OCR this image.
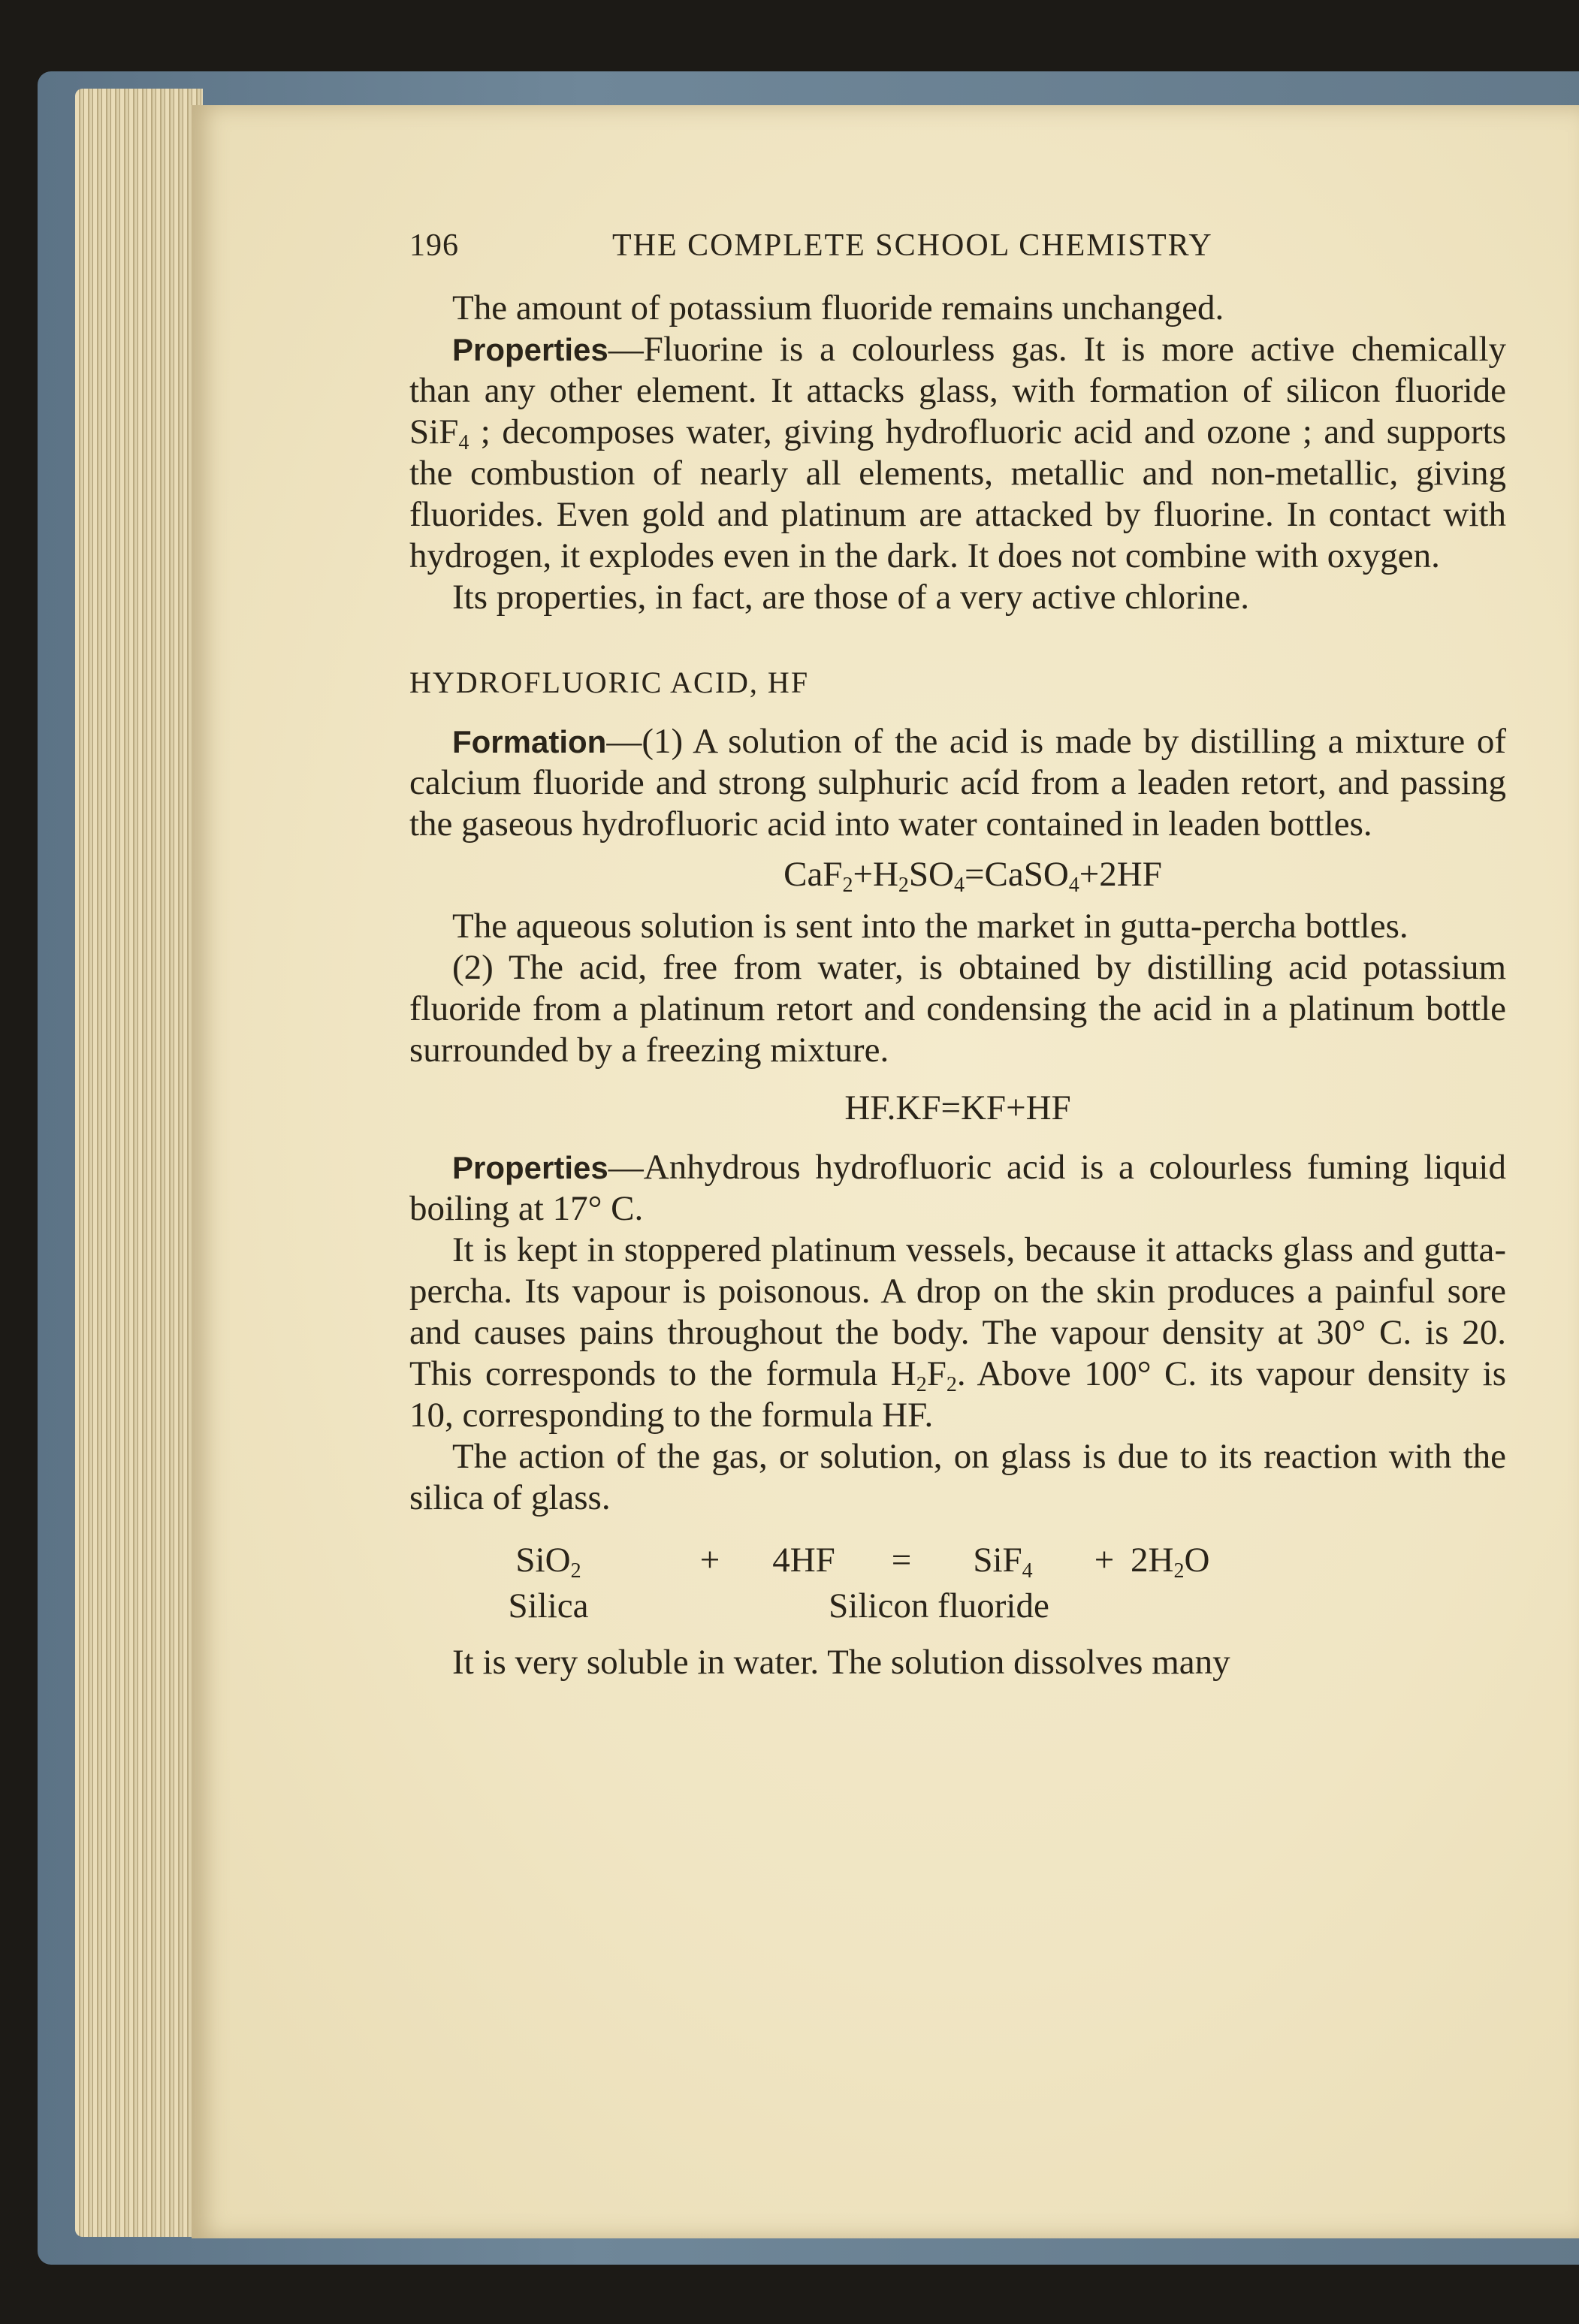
196	THE COMPLETE SCHOOL CHEMISTRY

The amount of potassium fluoride remains unchanged.

Properties—Fluorine is a colourless gas. It is more active chemically than any other element. It attacks glass, with formation of silicon fluoride SiF$_4$ ; decomposes water, giving hydrofluoric acid and ozone ; and supports the combustion of nearly all elements, metallic and non-metallic, giving fluorides. Even gold and platinum are attacked by fluorine. In contact with hydrogen, it explodes even in the dark. It does not combine with oxygen.

Its properties, in fact, are those of a very active chlorine.

HYDROFLUORIC ACID, HF

Formation—(1) A solution of the acid is made by distilling a mixture of calcium fluoride and strong sulphuric acid from a leaden retort, and passing the gaseous hydrofluoric acid into water contained in leaden bottles.

$CaF_2+H_2SO_4=CaSO_4+2HF$

The aqueous solution is sent into the market in gutta-percha bottles.

(2) The acid, free from water, is obtained by distilling acid potassium fluoride from a platinum retort and condensing the acid in a platinum bottle surrounded by a freezing mixture.

HF.KF=KF+HF

Properties—Anhydrous hydrofluoric acid is a colourless fuming liquid boiling at 17° C.

It is kept in stoppered platinum vessels, because it attacks glass and gutta-percha. Its vapour is poisonous. A drop on the skin produces a painful sore and causes pains throughout the body. The vapour density at 30° C. is 20. This corresponds to the formula $H_2F_2$. Above 100° C. its vapour density is 10, corresponding to the formula HF.

The action of the gas, or solution, on glass is due to its reaction with the silica of glass.

SiO$_2$	+	4HF	=	SiF$_4$	+ $2H_2O$
Silica	Silicon fluoride

It is very soluble in water. The solution dissolves many
